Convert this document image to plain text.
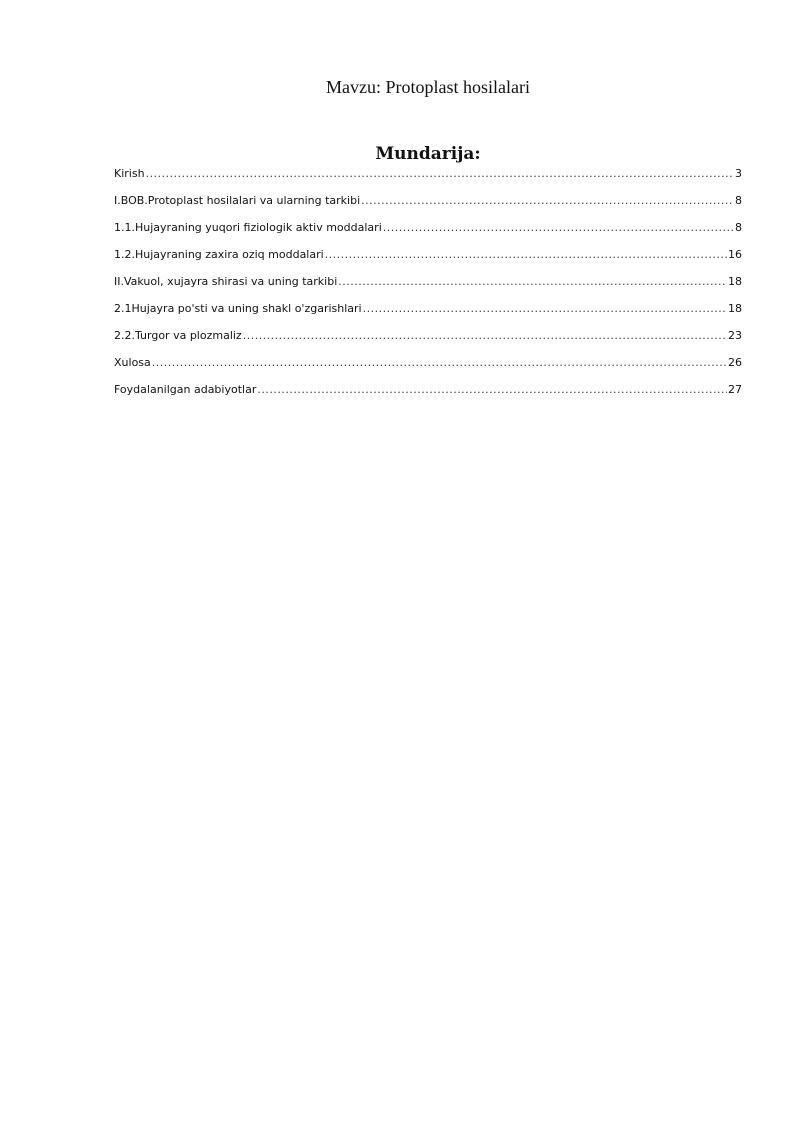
Mavzu: Protoplast hosilalari
Mundarija:
Kirish .....	3
I.BOB.Protoplast hosilalari va ularning tarkibi .....	8
1.1.Hujayraning yuqori fiziologik aktiv moddalari .....	8
1.2.Hujayraning zaxira oziq moddalari .....	16
II.Vakuol, xujayra shirasi va uning tarkibi .....	18
2.1Hujayra po'sti va uning shakl o'zgarishlari .....	18
2.2.Turgor va plozmaliz .....	23
Xulosa .....	26
Foydalanilgan adabiyotlar .....	27
